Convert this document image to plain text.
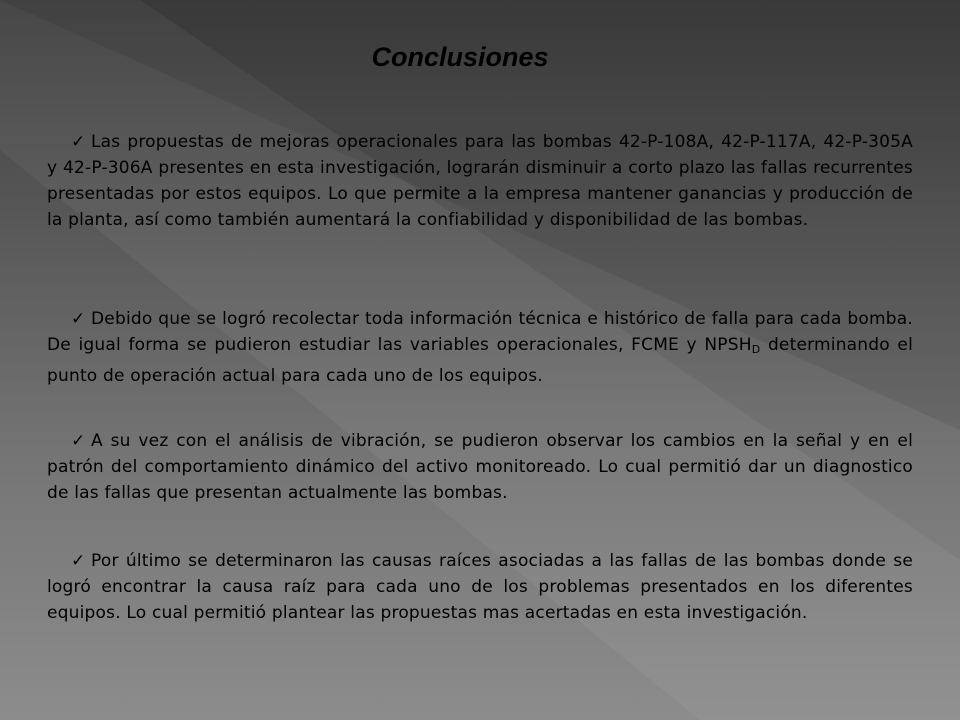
Conclusiones
✓ Las propuestas de mejoras operacionales para las bombas 42-P-108A, 42-P-117A, 42-P-305A y 42-P-306A presentes en esta investigación, lograrán disminuir a corto plazo las fallas recurrentes presentadas por estos equipos. Lo que permite a la empresa mantener ganancias y producción de la planta, así como también aumentará la confiabilidad y disponibilidad de las bombas.
✓ Debido que se logró recolectar toda información técnica e histórico de falla para cada bomba. De igual forma se pudieron estudiar las variables operacionales, FCME y $NPSH_D$ determinando el punto de operación actual para cada uno de los equipos.
✓ A su vez con el análisis de vibración, se pudieron observar los cambios en la señal y en el patrón del comportamiento dinámico del activo monitoreado. Lo cual permitió dar un diagnostico de las fallas que presentan actualmente las bombas.
✓ Por último se determinaron las causas raíces asociadas a las fallas de las bombas donde se logró encontrar la causa raíz para cada uno de los problemas presentados en los diferentes equipos. Lo cual permitió plantear las propuestas mas acertadas en esta investigación.
